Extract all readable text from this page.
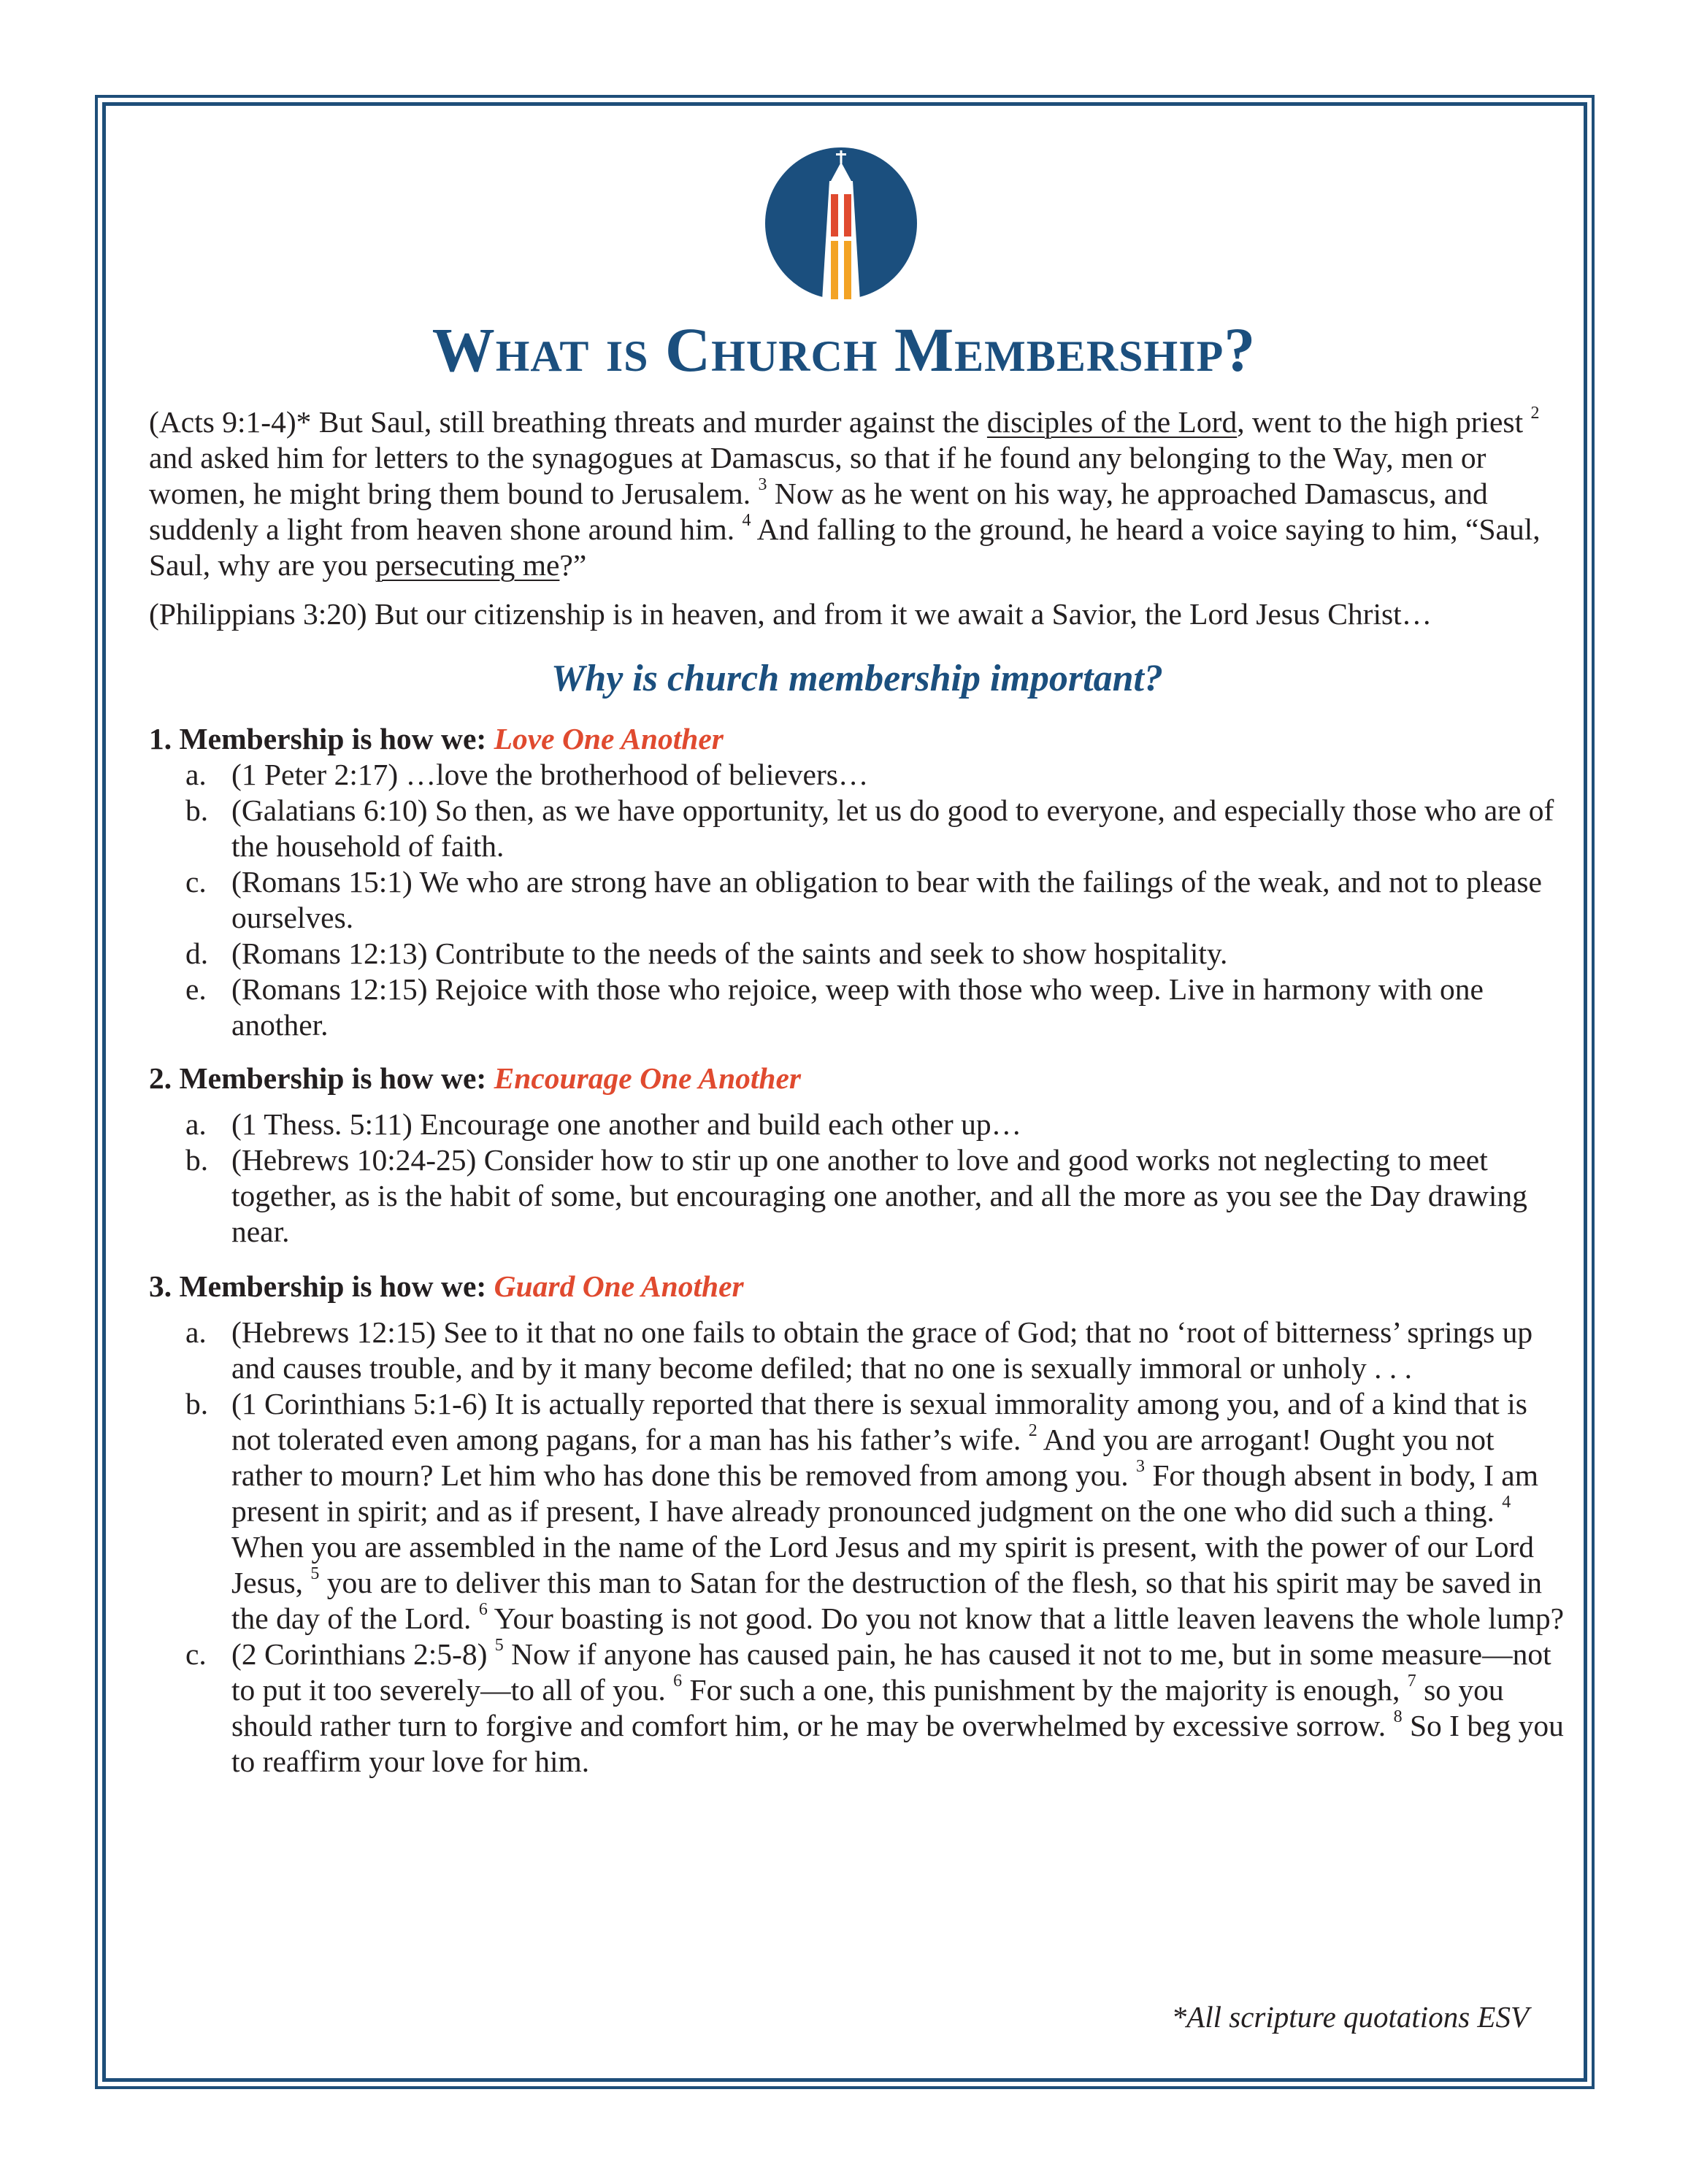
What is Church Membership?

(Acts 9:1-4)* But Saul, still breathing threats and murder against the disciples of the Lord, went to the high priest $^2$ and asked him for letters to the synagogues at Damascus, so that if he found any belonging to the Way, men or women, he might bring them bound to Jerusalem. $^3$ Now as he went on his way, he approached Damascus, and suddenly a light from heaven shone around him. $^4$ And falling to the ground, he heard a voice saying to him, “Saul, Saul, why are you persecuting me?”

(Philippians 3:20) But our citizenship is in heaven, and from it we await a Savior, the Lord Jesus Christ…

Why is church membership important?

1. Membership is how we: Love One Another

a. (1 Peter 2:17) …love the brotherhood of believers…
b. (Galatians 6:10) So then, as we have opportunity, let us do good to everyone, and especially those who are of the household of faith.
c. (Romans 15:1) We who are strong have an obligation to bear with the failings of the weak, and not to please ourselves.
d. (Romans 12:13) Contribute to the needs of the saints and seek to show hospitality.
e. (Romans 12:15) Rejoice with those who rejoice, weep with those who weep. Live in harmony with one another.

2. Membership is how we: Encourage One Another

a. (1 Thess. 5:11) Encourage one another and build each other up…
b. (Hebrews 10:24-25) Consider how to stir up one another to love and good works not neglecting to meet together, as is the habit of some, but encouraging one another, and all the more as you see the Day drawing near.

3. Membership is how we: Guard One Another

a. (Hebrews 12:15) See to it that no one fails to obtain the grace of God; that no ‘root of bitterness’ springs up and causes trouble, and by it many become defiled; that no one is sexually immoral or unholy . . .
b. (1 Corinthians 5:1-6) It is actually reported that there is sexual immorality among you, and of a kind that is not tolerated even among pagans, for a man has his father’s wife. $^2$ And you are arrogant! Ought you not rather to mourn? Let him who has done this be removed from among you. $^3$ For though absent in body, I am present in spirit; and as if present, I have already pronounced judgment on the one who did such a thing. $^4$ When you are assembled in the name of the Lord Jesus and my spirit is present, with the power of our Lord Jesus, $^5$ you are to deliver this man to Satan for the destruction of the flesh, so that his spirit may be saved in the day of the Lord. $^6$ Your boasting is not good. Do you not know that a little leaven leavens the whole lump?
c. (2 Corinthians 2:5-8) $^5$ Now if anyone has caused pain, he has caused it not to me, but in some measure—not to put it too severely—to all of you. $^6$ For such a one, this punishment by the majority is enough, $^7$ so you should rather turn to forgive and comfort him, or he may be overwhelmed by excessive sorrow. $^8$ So I beg you to reaffirm your love for him.
*All scripture quotations ESV
